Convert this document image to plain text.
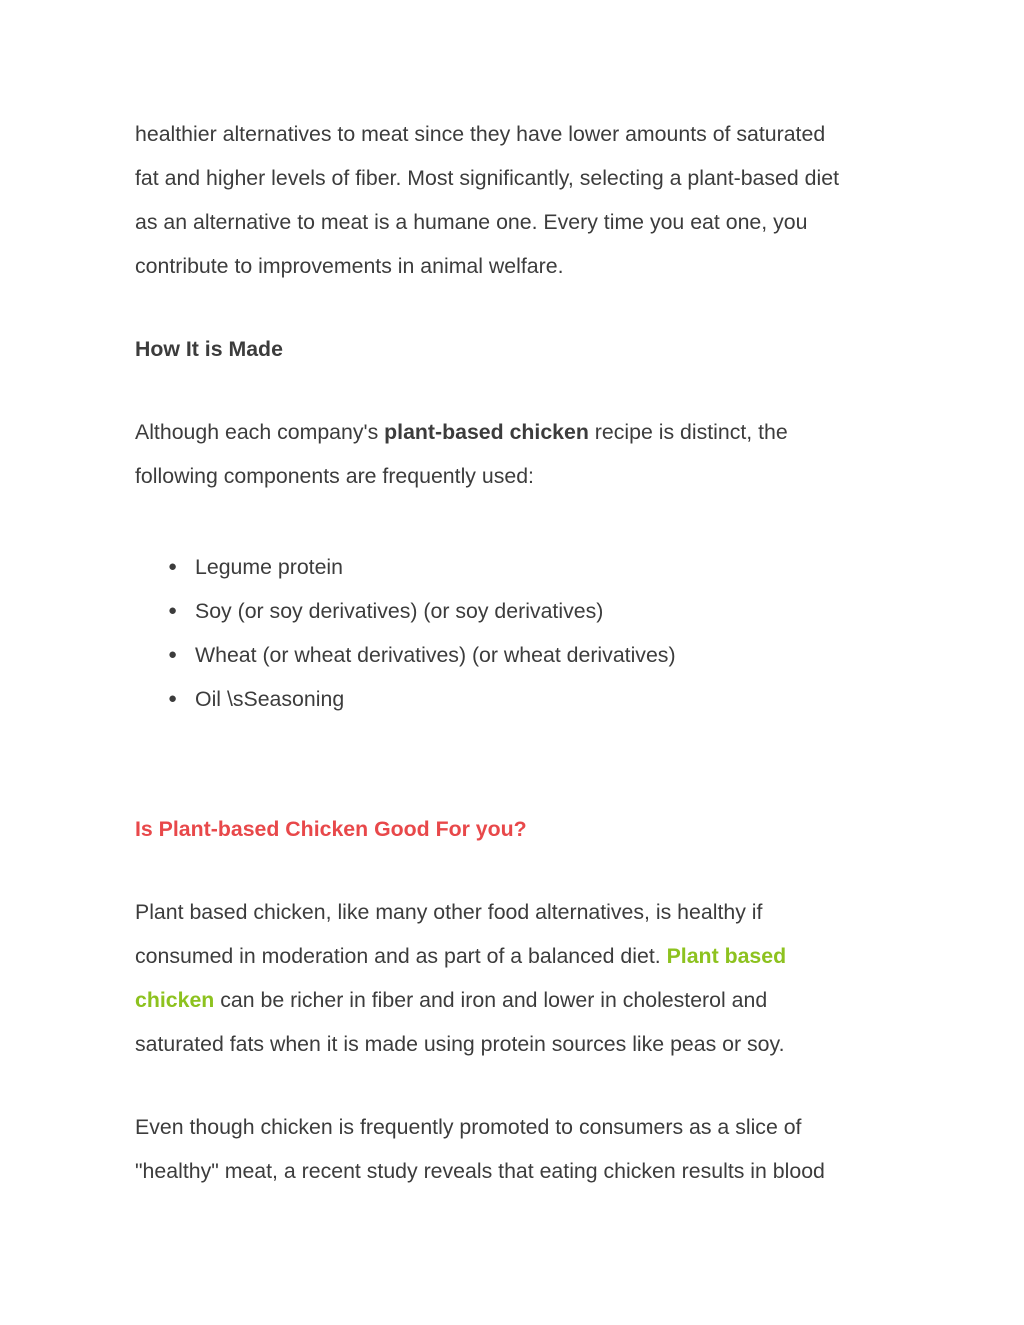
healthier alternatives to meat since they have lower amounts of saturated
fat and higher levels of fiber. Most significantly, selecting a plant-based diet
as an alternative to meat is a humane one. Every time you eat one, you
contribute to improvements in animal welfare.
How It is Made
Although each company's plant-based chicken recipe is distinct, the
following components are frequently used:
● Legume protein
● Soy (or soy derivatives) (or soy derivatives)
● Wheat (or wheat derivatives) (or wheat derivatives)
● Oil \sSeasoning
Is Plant-based Chicken Good For you?
Plant based chicken, like many other food alternatives, is healthy if
consumed in moderation and as part of a balanced diet. Plant based
chicken can be richer in fiber and iron and lower in cholesterol and
saturated fats when it is made using protein sources like peas or soy.
Even though chicken is frequently promoted to consumers as a slice of
"healthy" meat, a recent study reveals that eating chicken results in blood
